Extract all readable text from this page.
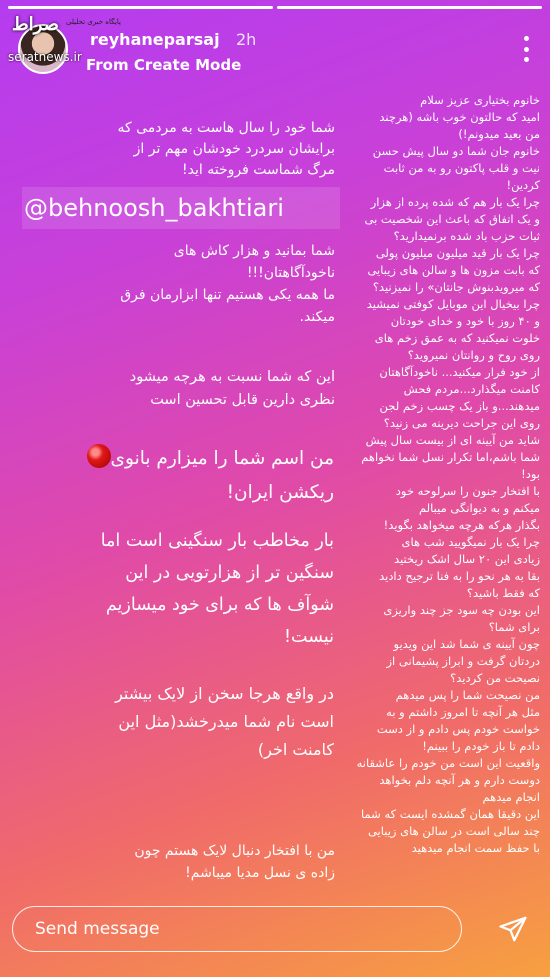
صراط پایگاه خبری تحلیلی
seratnews.ir
reyhaneparsaj 2h
From Create Mode
خانوم بختیاری عزیز سلام
امید که حالتون خوب باشه (هرچند
من بعید میدونم!)
خانوم جان شما دو سال پیش حسن
نیت و قلب پاکتون رو به من ثابت
کردین!
چرا یک بار هم که شده پرده از هزار
و یک اتفاق که باعث این شخصیت بی
ثبات حزب باد شده برنمیدارید؟
چرا یک بار قید میلیون میلیون پولی
که بابت مزون ها و سالن های زیبایی
که میرویدبنوش جانتان» را نمیزنید؟
چرا بیخیال این موبایل کوفتی نمیشید
و ۴۰ روز با خود و خدای خودتان
خلوت نمیکنید که به عمق زخم های
روی روح و روانتان نمیروید؟
از خود فرار میکنید... ناخودآگاهتان
کامنت میگذارد...مردم فحش
میدهند...و باز یک چسب زخم لجن
روی این جراحت دیرینه می زنید؟
شاید من آیینه ای از بیست سال پیش
شما باشم،اما تکرار نسل شما نخواهم
بود!
با افتخار جنون را سرلوحه خود
میکنم و به دیوانگی میبالم
بگذار هرکه هرچه میخواهد بگوید!
چرا یک بار نمیگویید شب های
زیادی این ۲۰ سال اشک ریختید
بقا به هر نحو را به فنا ترجیح دادید
که فقط باشید؟
این بودن چه سود جز چند واریزی
برای شما؟
چون آیینه ی شما شد این ویدیو
دردتان گرفت و ابراز پشیمانی از
نصیحت من کردید؟
من نصیحت شما را پس میدهم
مثل هر آنچه تا امروز داشتم و به
خواست خودم پس دادم و از دست
دادم تا باز خودم را ببینم!
واقعیت این است من خودم را عاشقانه
دوست دارم و هر آنچه دلم بخواهد
انجام میدهم
این دقیقا همان گمشده ایست که شما
چند سالی است در سالن های زیبایی
با حفظ سمت انجام میدهید
شما خود را سال هاست به مردمی که
برایشان سردرد خودشان مهم تر از
مرگ شماست فروخته اید!
@behnoosh_bakhtiari
شما بمانید و هزار کاش های
ناخودآگاهتان!!!
ما همه یکی هستیم تنها ابزارمان فرق
میکند.
این که شما نسبت به هرچه میشود
نظری دارین قابل تحسین است
من اسم شما را میزارم بانوی
ریکشن ایران!
بار مخاطب بار سنگینی است اما
سنگین تر از هزارتویی در این
شوآف ها که برای خود میسازیم
نیست!
در واقع هرجا سخن از لایک بیشتر
است نام شما میدرخشد(مثل این
کامنت اخر)
من با افتخار دنبال لایک هستم چون
زاده ی نسل مدیا میباشم!
Send message
